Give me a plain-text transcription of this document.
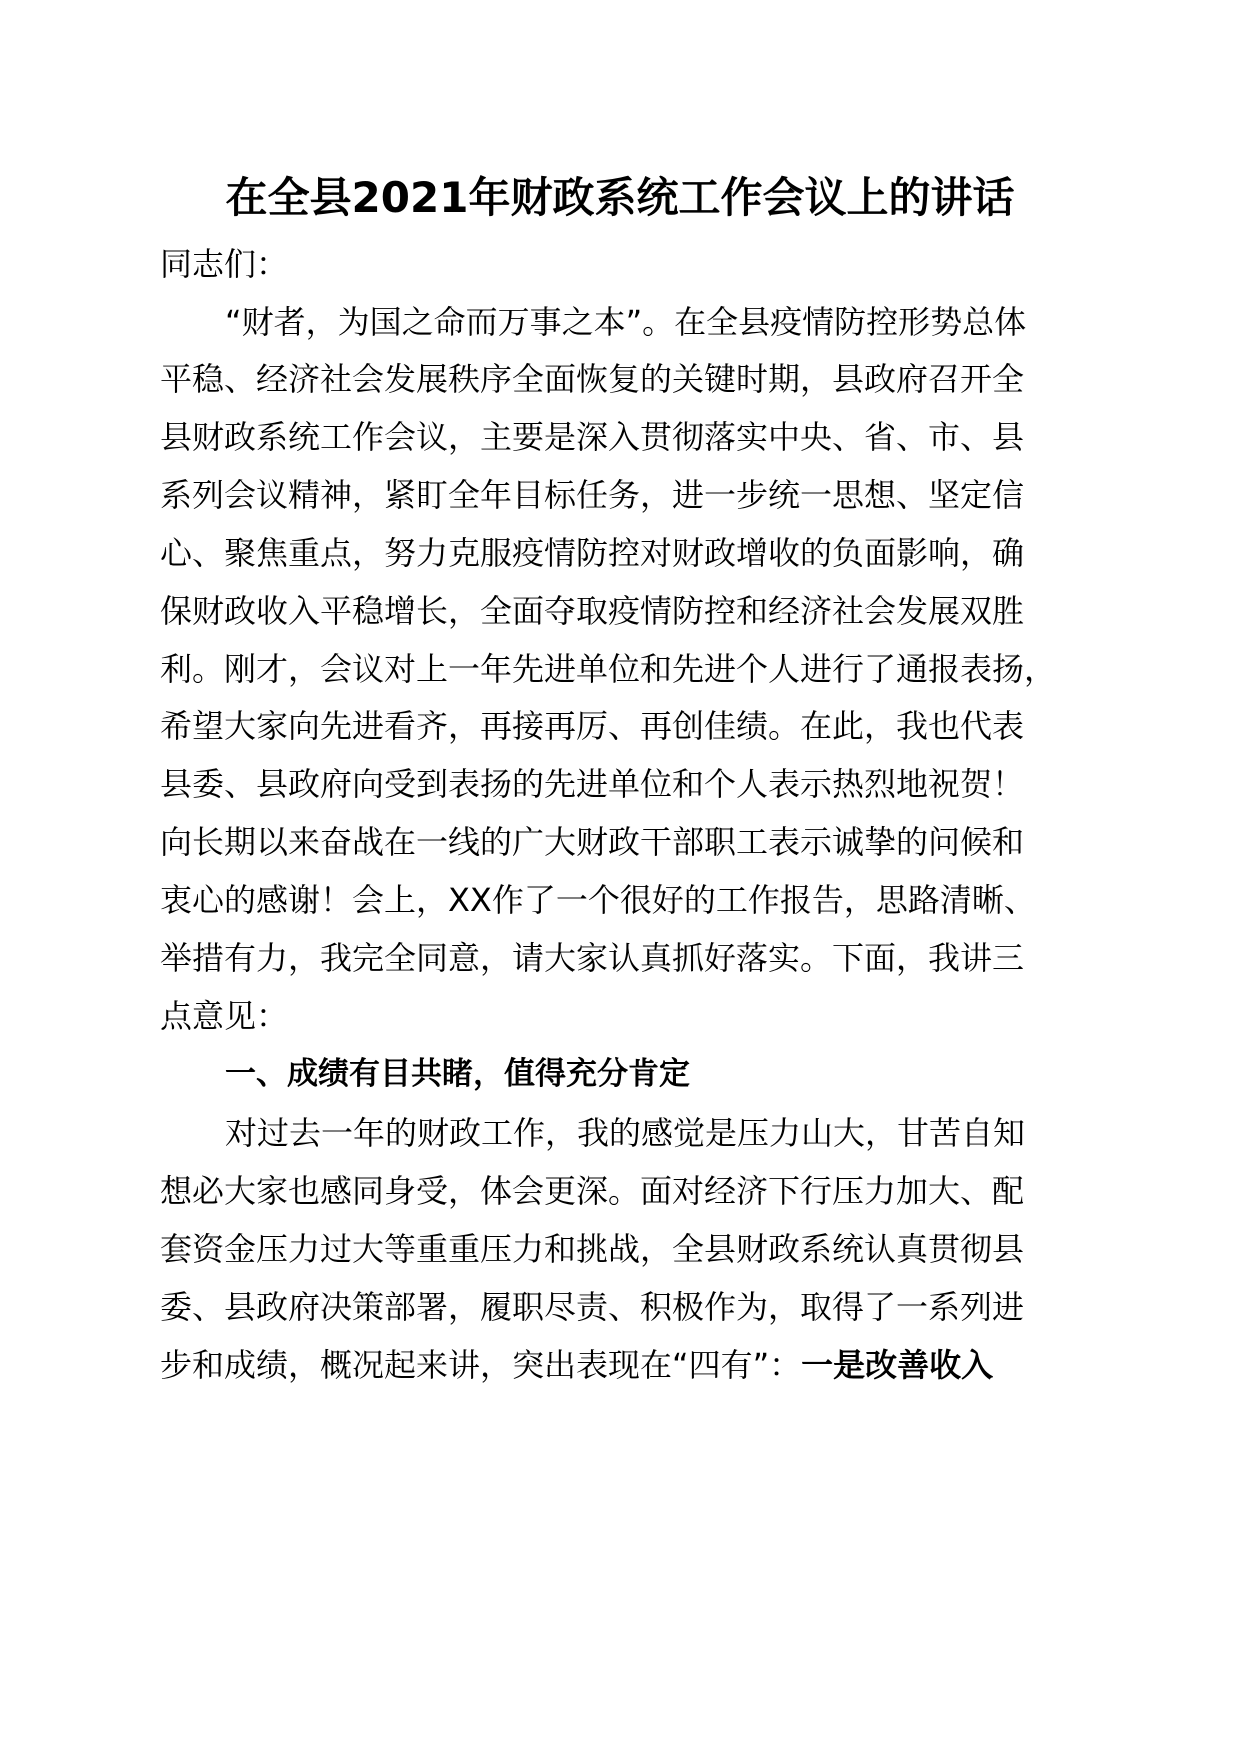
在全县2021年财政系统工作会议上的讲话
同志们：
“财者，为国之命而万事之本”。在全县疫情防控形势总体
平稳、经济社会发展秩序全面恢复的关键时期，县政府召开全
县财政系统工作会议，主要是深入贯彻落实中央、省、市、县
系列会议精神，紧盯全年目标任务，进一步统一思想、坚定信
心、聚焦重点，努力克服疫情防控对财政增收的负面影响，确
保财政收入平稳增长，全面夺取疫情防控和经济社会发展双胜
利。刚才，会议对上一年先进单位和先进个人进行了通报表扬，
希望大家向先进看齐，再接再厉、再创佳绩。在此，我也代表
县委、县政府向受到表扬的先进单位和个人表示热烈地祝贺！
向长期以来奋战在一线的广大财政干部职工表示诚挚的问候和
衷心的感谢！会上，XX作了一个很好的工作报告，思路清晰、
举措有力，我完全同意，请大家认真抓好落实。下面，我讲三
点意见：
一、成绩有目共睹，值得充分肯定
对过去一年的财政工作，我的感觉是压力山大，甘苦自知
想必大家也感同身受，体会更深。面对经济下行压力加大、配
套资金压力过大等重重压力和挑战，全县财政系统认真贯彻县
委、县政府决策部署，履职尽责、积极作为，取得了一系列进
步和成绩，概况起来讲，突出表现在“四有”：一是改善收入
